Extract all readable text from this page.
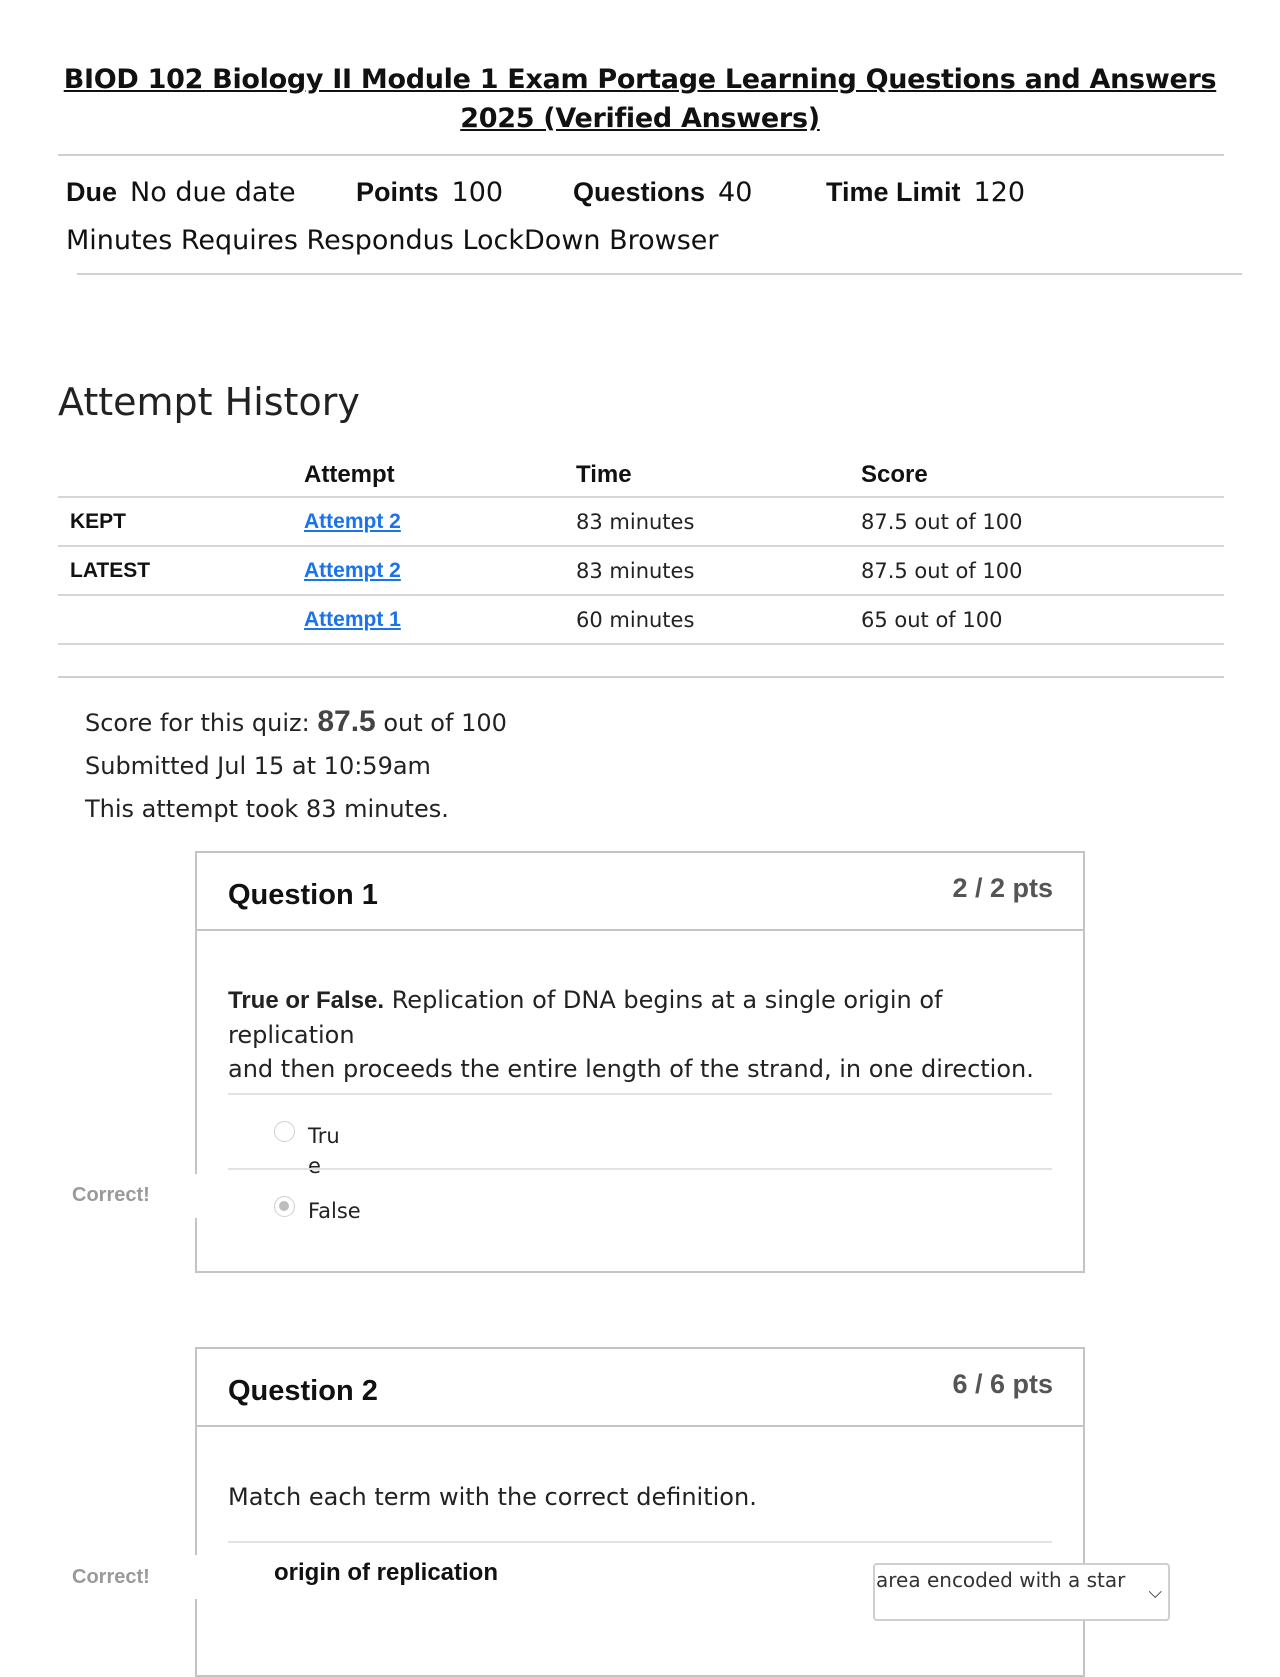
BIOD 102 Biology II Module 1 Exam Portage Learning Questions and Answers
2025 (Verified Answers)
Due No due date Points 100	Questions 40	Time Limit 120
Minutes Requires Respondus LockDown Browser
Attempt History
	Attempt	Time	Score
KEPT	Attempt 2	83 minutes	87.5 out of 100
LATEST	Attempt 2	83 minutes	87.5 out of 100
	Attempt 1	60 minutes	65 out of 100
Score for this quiz: 87.5 out of 100
Submitted Jul 15 at 10:59am
This attempt took 83 minutes.
Correct!
Question 1	2 / 2 pts
True or False. Replication of DNA begins at a single origin of
replication
and then proceeds the entire length of the strand, in one direction.
Tru
e
False
Correct!
Question 2	6 / 6 pts
Match each term with the correct definition.
origin of replication	area encoded with a star
⌵
